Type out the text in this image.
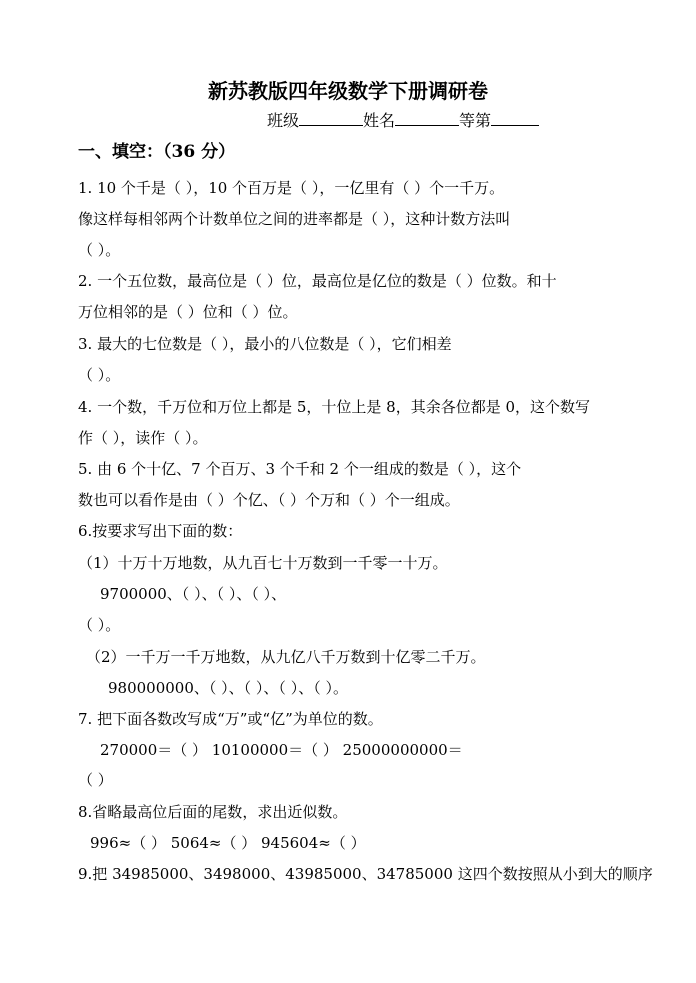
新苏教版四年级数学下册调研卷
班级	姓名	等第
一、填空：（36 分）
1. 10 个千是（ ），10 个百万是（ ），一亿里有（ ）个一千万。
像这样每相邻两个计数单位之间的进率都是（ ），这种计数方法叫
（ ）。
2. 一个五位数，最高位是（ ）位，最高位是亿位的数是（ ）位数。和十
万位相邻的是（ ）位和（ ）位。
3. 最大的七位数是（ ），最小的八位数是（ ），它们相差
（ ）。
4. 一个数，千万位和万位上都是 5，十位上是 8，其余各位都是 0，这个数写
作（ ），读作（ ）。
5. 由 6 个十亿、7 个百万、3 个千和 2 个一组成的数是（ ），这个
数也可以看作是由（ ）个亿、（ ）个万和（ ）个一组成。
6.按要求写出下面的数：
（1）十万十万地数，从九百七十万数到一千零一十万。
9700000、（ ）、（ ）、（ ）、
（ ）。
（2）一千万一千万地数，从九亿八千万数到十亿零二千万。
980000000、（ ）、（ ）、（ ）、（ ）。
7. 把下面各数改写成“万”或“亿”为单位的数。
270000＝（ ） 10100000＝（ ） 25000000000＝
（ ）
8.省略最高位后面的尾数，求出近似数。
996≈（ ） 5064≈（ ） 945604≈（ ）
9.把 34985000、3498000、43985000、34785000 这四个数按照从小到大的顺序
